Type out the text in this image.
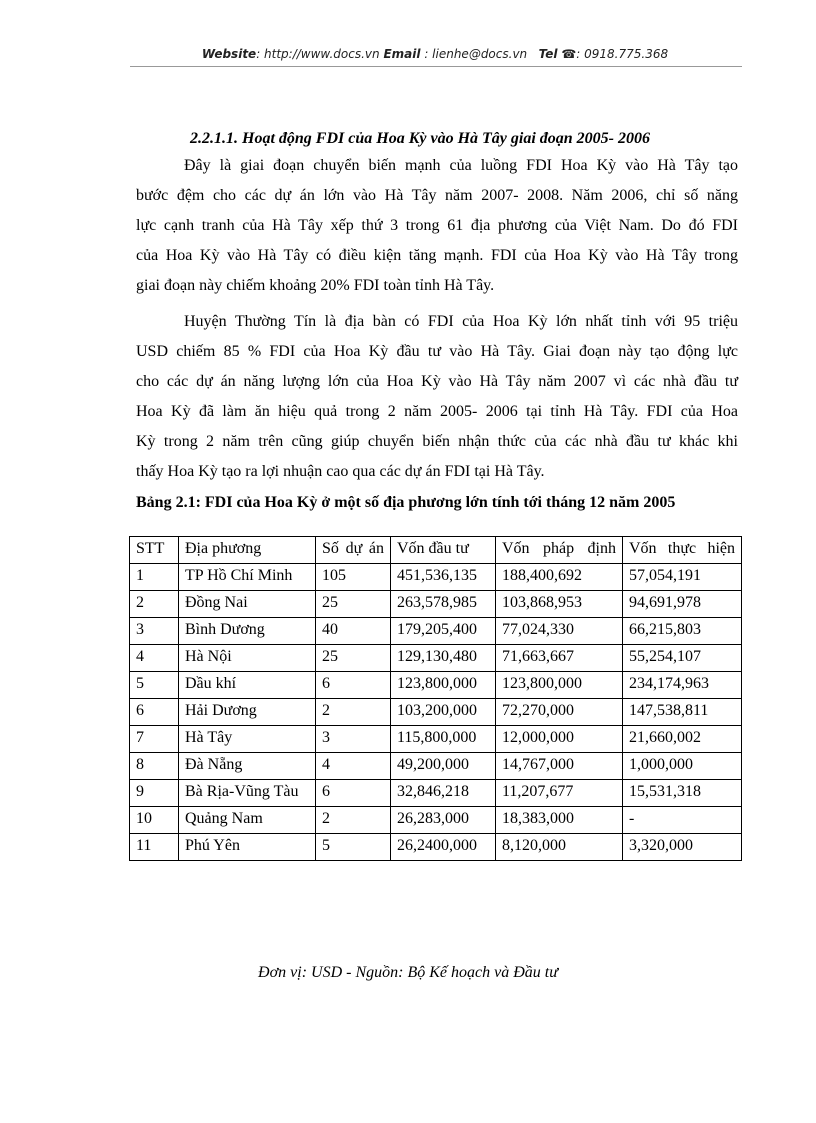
Website: http://www.docs.vn Email : lienhe@docs.vn Tel ☎: 0918.775.368
2.2.1.1. Hoạt động FDI của Hoa Kỳ vào Hà Tây giai đoạn 2005- 2006
Đây là giai đoạn chuyển biến mạnh của luồng FDI Hoa Kỳ vào Hà Tây tạo
bước đệm cho các dự án lớn vào Hà Tây năm 2007- 2008. Năm 2006, chỉ số năng
lực cạnh tranh của Hà Tây xếp thứ 3 trong 61 địa phương của Việt Nam. Do đó FDI
của Hoa Kỳ vào Hà Tây có điều kiện tăng mạnh. FDI của Hoa Kỳ vào Hà Tây trong
giai đoạn này chiếm khoảng 20% FDI toàn tỉnh Hà Tây.
Huyện Thường Tín là địa bàn có FDI của Hoa Kỳ lớn nhất tỉnh với 95 triệu
USD chiếm 85 % FDI của Hoa Kỳ đầu tư vào Hà Tây. Giai đoạn này tạo động lực
cho các dự án năng lượng lớn của Hoa Kỳ vào Hà Tây năm 2007 vì các nhà đầu tư
Hoa Kỳ đã làm ăn hiệu quả trong 2 năm 2005- 2006 tại tỉnh Hà Tây. FDI của Hoa
Kỳ trong 2 năm trên cũng giúp chuyển biến nhận thức của các nhà đầu tư khác khi
thấy Hoa Kỳ tạo ra lợi nhuận cao qua các dự án FDI tại Hà Tây.
Bảng 2.1: FDI của Hoa Kỳ ở một số địa phương lớn tính tới tháng 12 năm 2005
STT	Địa phương	Số dự án	Vốn đầu tư	Vốn pháp định	Vốn thực hiện

1	TP Hồ Chí Minh	105	451,536,135	188,400,692	57,054,191
2	Đồng Nai	25	263,578,985	103,868,953	94,691,978
3	Bình Dương	40	179,205,400	77,024,330	66,215,803
4	Hà Nội	25	129,130,480	71,663,667	55,254,107
5	Dầu khí	6	123,800,000	123,800,000	234,174,963
6	Hải Dương	2	103,200,000	72,270,000	147,538,811
7	Hà Tây	3	115,800,000	12,000,000	21,660,002
8	Đà Nẵng	4	49,200,000	14,767,000	1,000,000
9	Bà Rịa-Vũng Tàu	6	32,846,218	11,207,677	15,531,318
10	Quảng Nam	2	26,283,000	18,383,000	-
11	Phú Yên	5	26,2400,000	8,120,000	3,320,000
Đơn vị: USD - Nguồn: Bộ Kế hoạch và Đầu tư
